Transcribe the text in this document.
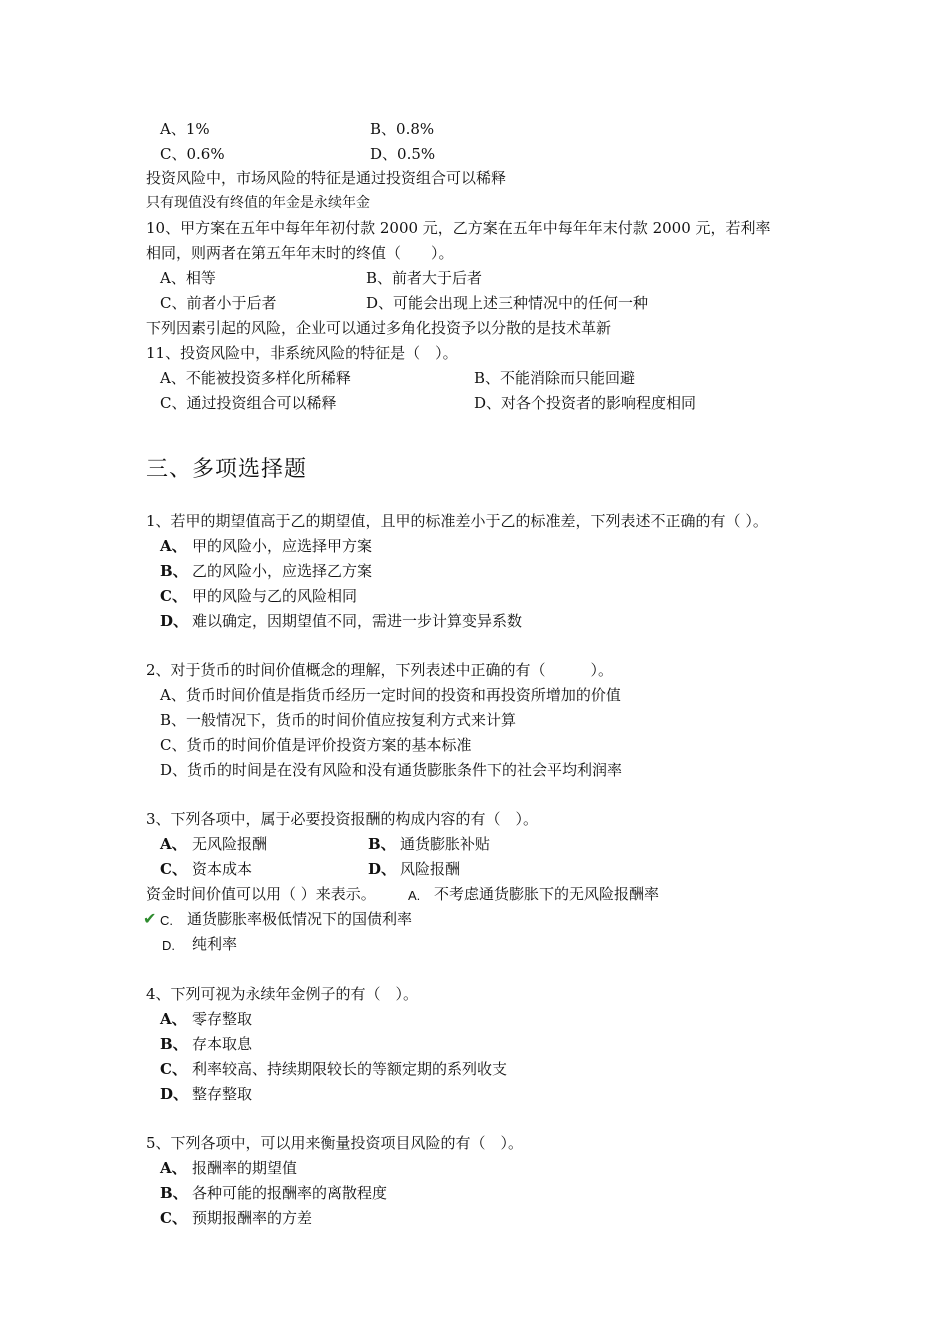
A、1%	B、0.8%
C、0.6%	D、0.5%
投资风险中，市场风险的特征是通过投资组合可以稀释
只有现值没有终值的年金是永续年金
10、甲方案在五年中每年年初付款 2000 元，乙方案在五年中每年年末付款 2000 元，若利率
相同，则两者在第五年年末时的终值（　　）。
A、相等	B、前者大于后者
C、前者小于后者	D、可能会出现上述三种情况中的任何一种
下列因素引起的风险，企业可以通过多角化投资予以分散的是技术革新
11、投资风险中，非系统风险的特征是（　）。
A、不能被投资多样化所稀释	B、不能消除而只能回避
C、通过投资组合可以稀释	D、对各个投资者的影响程度相同
三、多项选择题
1、若甲的期望值高于乙的期望值，且甲的标准差小于乙的标准差，下列表述不正确的有（ ）。
A、 甲的风险小，应选择甲方案
B、 乙的风险小，应选择乙方案
C、 甲的风险与乙的风险相同
D、 难以确定，因期望值不同，需进一步计算变异系数
2、对于货币的时间价值概念的理解，下列表述中正确的有（　　　）。
A、货币时间价值是指货币经历一定时间的投资和再投资所增加的价值
B、一般情况下，货币的时间价值应按复利方式来计算
C、货币的时间价值是评价投资方案的基本标准
D、货币的时间是在没有风险和没有通货膨胀条件下的社会平均利润率
3、下列各项中，属于必要投资报酬的构成内容的有（　）。
A、 无风险报酬	B、 通货膨胀补贴
C、 资本成本	D、 风险报酬
资金时间价值可以用（ ）来表示。 A. 不考虑通货膨胀下的无风险报酬率
✔ C. 通货膨胀率极低情况下的国债利率
D. 纯利率
4、下列可视为永续年金例子的有（　）。
A、 零存整取
B、 存本取息
C、 利率较高、持续期限较长的等额定期的系列收支
D、 整存整取
5、下列各项中，可以用来衡量投资项目风险的有（　）。
A、 报酬率的期望值
B、 各种可能的报酬率的离散程度
C、 预期报酬率的方差
